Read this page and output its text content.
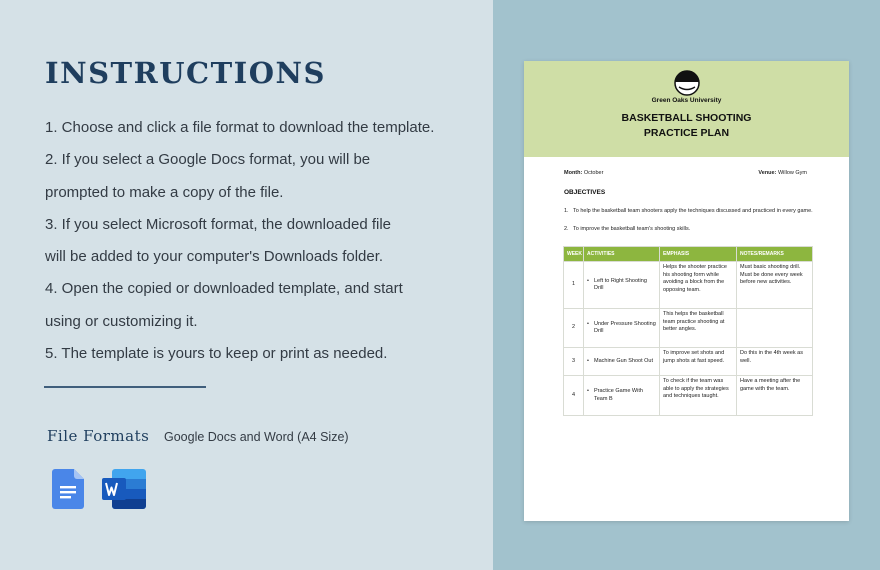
INSTRUCTIONS
1. Choose and click a file format to download the template.
2. If you select a Google Docs format, you will be
prompted to make a copy of the file.
3. If you select Microsoft format, the downloaded file
will be added to your computer's Downloads folder.
4. Open the copied or downloaded template, and start
using or customizing it.
5. The template is yours to keep or print as needed.
File Formats Google Docs and Word (A4 Size)
Green Oaks University
BASKETBALL SHOOTING
PRACTICE PLAN
Month: October	Venue: Willow Gym
OBJECTIVES
1. To help the basketball team shooters apply the techniques discussed and practiced in every game.
2. To improve the basketball team's shooting skills.
WEEK	ACTIVITIES	EMPHASIS	NOTES/REMARKS
1	• Left to Right Shooting Drill	Helps the shooter practice his shooting form while avoiding a block from the opposing team.	Must basic shooting drill. Must be done every week before new activities.
2	• Under Pressure Shooting Drill	This helps the basketball team practice shooting at better angles.	
3	• Machine Gun Shoot Out	To improve set shots and jump shots at fast speed.	Do this in the 4th week as well.
4	• Practice Game With Team B	To check if the team was able to apply the strategies and techniques taught.	Have a meeting after the game with the team.
